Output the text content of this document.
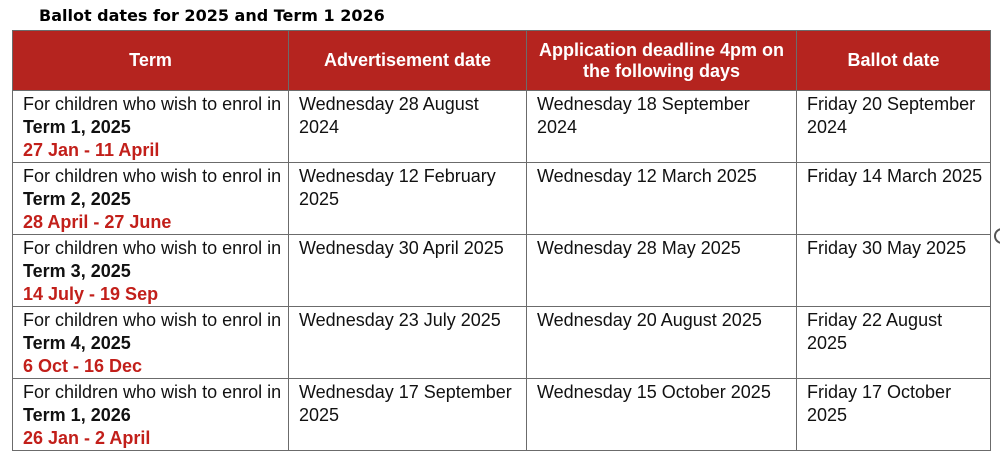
Ballot dates for 2025 and Term 1 2026
Term	Advertisement date	Application deadline 4pm on the following days	Ballot date
For children who wish to enrol in Term 1, 2025
27 Jan - 11 April	Wednesday 28 August 2024	Wednesday 18 September 2024	Friday 20 September 2024
For children who wish to enrol in Term 2, 2025
28 April - 27 June	Wednesday 12 February 2025	Wednesday 12 March 2025	Friday 14 March 2025
For children who wish to enrol in Term 3, 2025
14 July - 19 Sep	Wednesday 30 April 2025	Wednesday 28 May 2025	Friday 30 May 2025
For children who wish to enrol in Term 4, 2025
6 Oct - 16 Dec	Wednesday 23 July 2025	Wednesday 20 August 2025	Friday 22 August 2025
For children who wish to enrol in Term 1, 2026
26 Jan - 2 April	Wednesday 17 September 2025	Wednesday 15 October 2025	Friday 17 October 2025
